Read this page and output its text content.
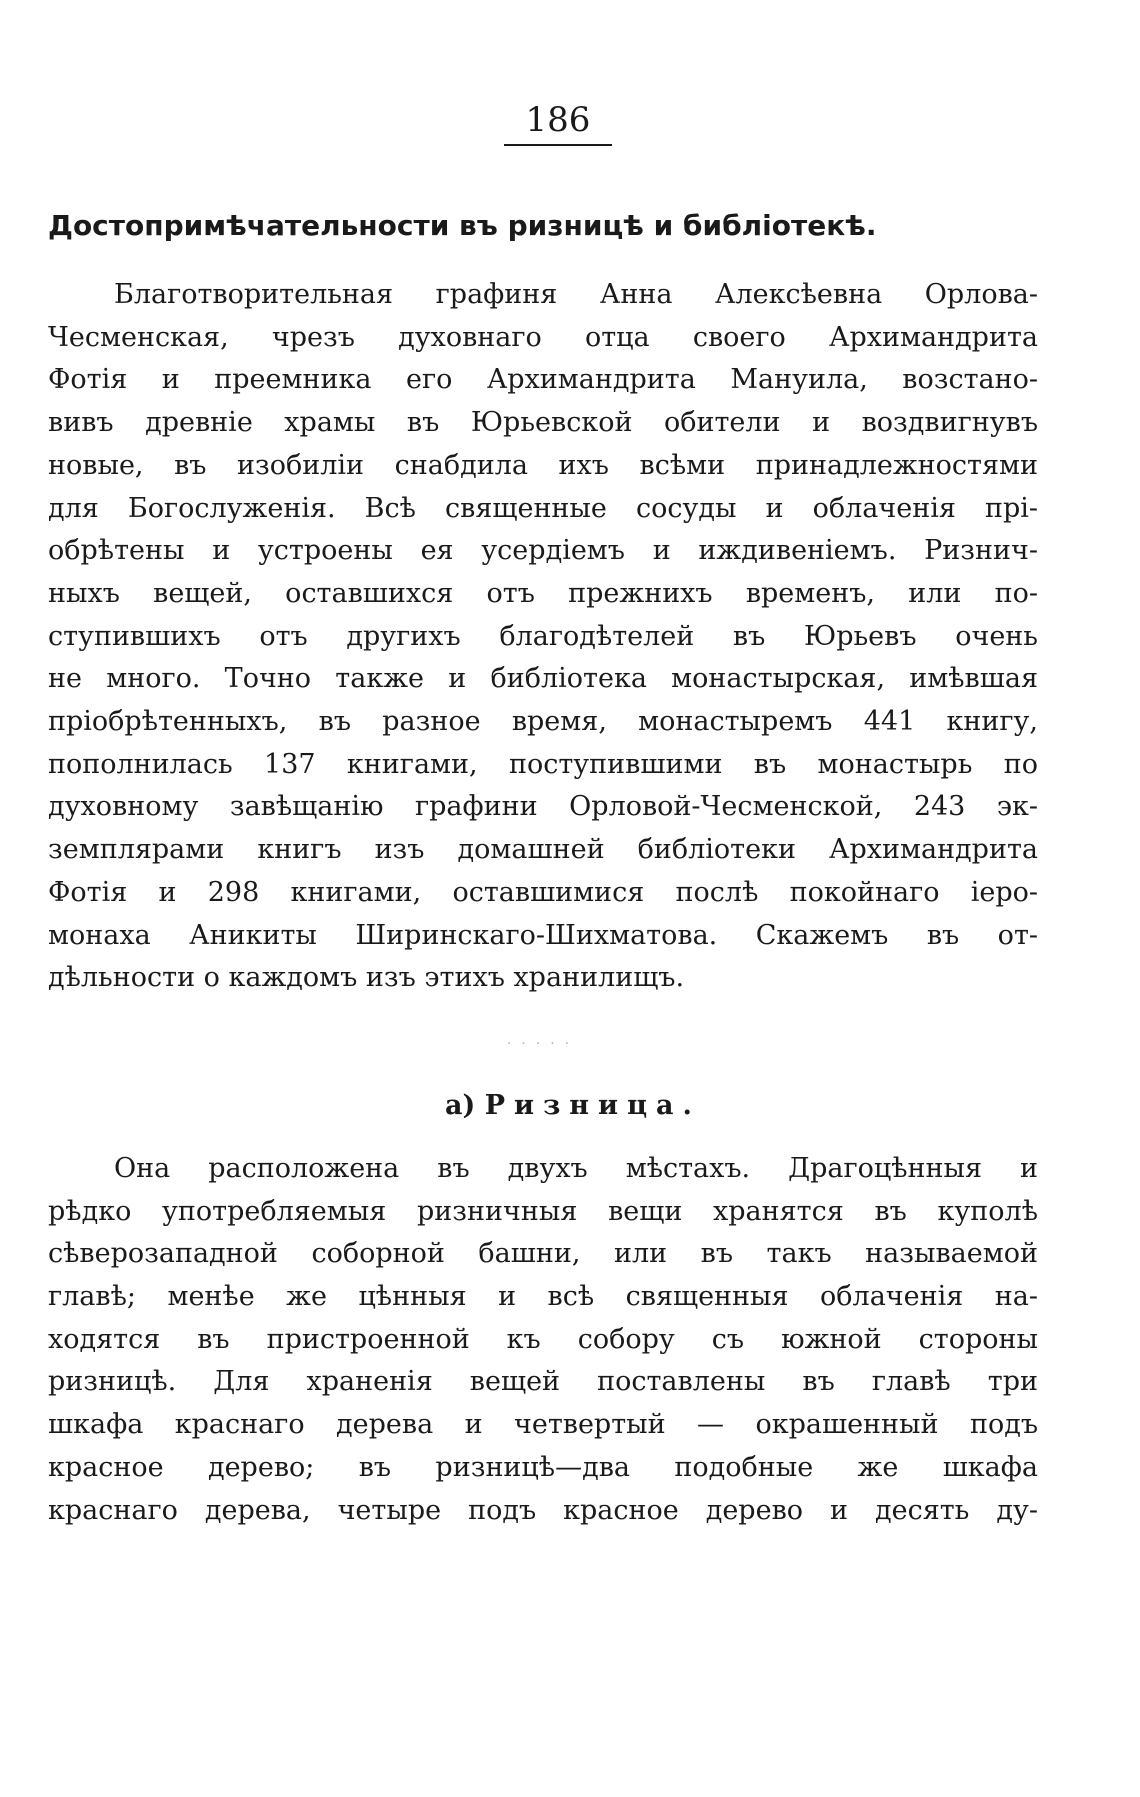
186
Достопримѣчательности въ ризницѣ и библіотекѣ.
Благотворительная графиня Анна Алексѣевна Орлова-
Чесменская, чрезъ духовнаго отца своего Архимандрита
Фотія и преемника его Архимандрита Мануила, возстано-
вивъ древніе храмы въ Юрьевской обители и воздвигнувъ
новые, въ изобиліи снабдила ихъ всѣми принадлежностями
для Богослуженія. Всѣ священные сосуды и облаченія прі-
обрѣтены и устроены ея усердіемъ и иждивеніемъ. Ризнич-
ныхъ вещей, оставшихся отъ прежнихъ временъ, или по-
ступившихъ отъ другихъ благодѣтелей въ Юрьевъ очень
не много. Точно также и библіотека монастырская, имѣвшая
пріобрѣтенныхъ, въ разное время, монастыремъ 441 книгу,
пополнилась 137 книгами, поступившими въ монастырь по
духовному завѣщанію графини Орловой-Чесменской, 243 эк-
земплярами книгъ изъ домашней библіотеки Архимандрита
Фотія и 298 книгами, оставшимися послѣ покойнаго іеро-
монаха Аникиты Ширинскаго-Шихматова. Скажемъ въ от-
дѣльности о каждомъ изъ этихъ хранилищъ.
·····
а) Ризница.
Она расположена въ двухъ мѣстахъ. Драгоцѣнныя и
рѣдко употребляемыя ризничныя вещи хранятся въ куполѣ
сѣверозападной соборной башни, или въ такъ называемой
главѣ; менѣе же цѣнныя и всѣ священныя облаченія на-
ходятся въ пристроенной къ собору съ южной стороны
ризницѣ. Для храненія вещей поставлены въ главѣ три
шкафа краснаго дерева и четвертый — окрашенный подъ
красное дерево; въ ризницѣ—два подобные же шкафа
краснаго дерева, четыре подъ красное дерево и десять ду-
